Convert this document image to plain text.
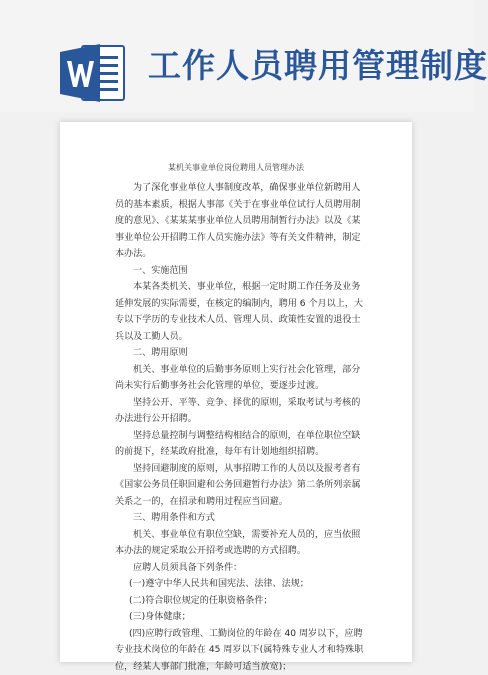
工作人员聘用管理制度
某机关事业单位岗位聘用人员管理办法

为了深化事业单位人事制度改革，确保事业单位新聘用人员的基本素质，根据人事部《关于在事业单位试行人员聘用制度的意见》、《某某某事业单位人员聘用制暂行办法》以及《某事业单位公开招聘工作人员实施办法》等有关文件精神，制定本办法。

一、实施范围

本某各类机关、事业单位，根据一定时期工作任务及业务延伸发展的实际需要，在核定的编制内，聘用 6 个月以上，大专以下学历的专业技术人员、管理人员、政策性安置的退役士兵以及工勤人员。

二、聘用原则

机关、事业单位的后勤事务原则上实行社会化管理，部分尚未实行后勤事务社会化管理的单位，要逐步过渡。

坚持公开、平等、竞争、择优的原则，采取考试与考核的办法进行公开招聘。

坚持总量控制与调整结构相结合的原则，在单位职位空缺的前提下，经某政府批准，每年有计划地组织招聘。

坚持回避制度的原则，从事招聘工作的人员以及报考者有《国家公务员任职回避和公务回避暂行办法》第二条所列亲属关系之一的，在招录和聘用过程应当回避。

三、聘用条件和方式

机关、事业单位有职位空缺，需要补充人员的，应当依照本办法的规定采取公开招考或选聘的方式招聘。

应聘人员须具备下列条件：

(一)遵守中华人民共和国宪法、法律、法规；

(二)符合职位规定的任职资格条件；

(三)身体健康；

(四)应聘行政管理、工勤岗位的年龄在 40 周岁以下，应聘专业技术岗位的年龄在 45 周岁以下(属特殊专业人才和特殊职位，经某人事部门批准，年龄可适当放宽)；
